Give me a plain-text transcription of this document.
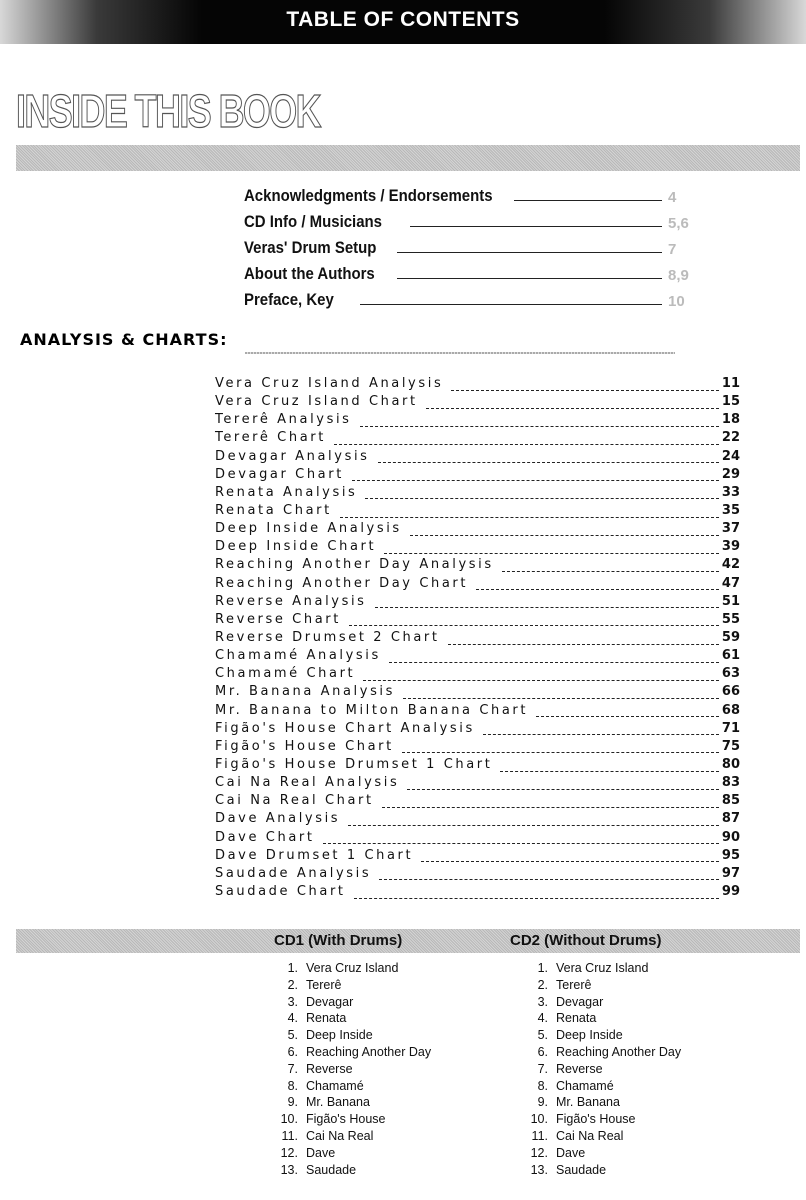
TABLE OF CONTENTS
INSIDE THIS BOOK
Acknowledgments / Endorsements	4
CD Info / Musicians	5,6
Veras' Drum Setup	7
About the Authors	8,9
Preface, Key	10
ANALYSIS & CHARTS:
Vera Cruz Island Analysis	11
Vera Cruz Island Chart	15
Tererê Analysis	18
Tererê Chart	22
Devagar Analysis	24
Devagar Chart	29
Renata Analysis	33
Renata Chart	35
Deep Inside Analysis	37
Deep Inside Chart	39
Reaching Another Day Analysis	42
Reaching Another Day Chart	47
Reverse Analysis	51
Reverse Chart	55
Reverse Drumset 2 Chart	59
Chamamé Analysis	61
Chamamé Chart	63
Mr. Banana Analysis	66
Mr. Banana to Milton Banana Chart	68
Figão's House Chart Analysis	71
Figão's House Chart	75
Figão's House Drumset 1 Chart	80
Cai Na Real Analysis	83
Cai Na Real Chart	85
Dave Analysis	87
Dave Chart	90
Dave Drumset 1 Chart	95
Saudade Analysis	97
Saudade Chart	99
CD1 (With Drums)	CD2 (Without Drums)
1. Vera Cruz Island
2. Tererê
3. Devagar
4. Renata
5. Deep Inside
6. Reaching Another Day
7. Reverse
8. Chamamé
9. Mr. Banana
10. Figão's House
11. Cai Na Real
12. Dave
13. Saudade
1. Vera Cruz Island
2. Tererê
3. Devagar
4. Renata
5. Deep Inside
6. Reaching Another Day
7. Reverse
8. Chamamé
9. Mr. Banana
10. Figão's House
11. Cai Na Real
12. Dave
13. Saudade
